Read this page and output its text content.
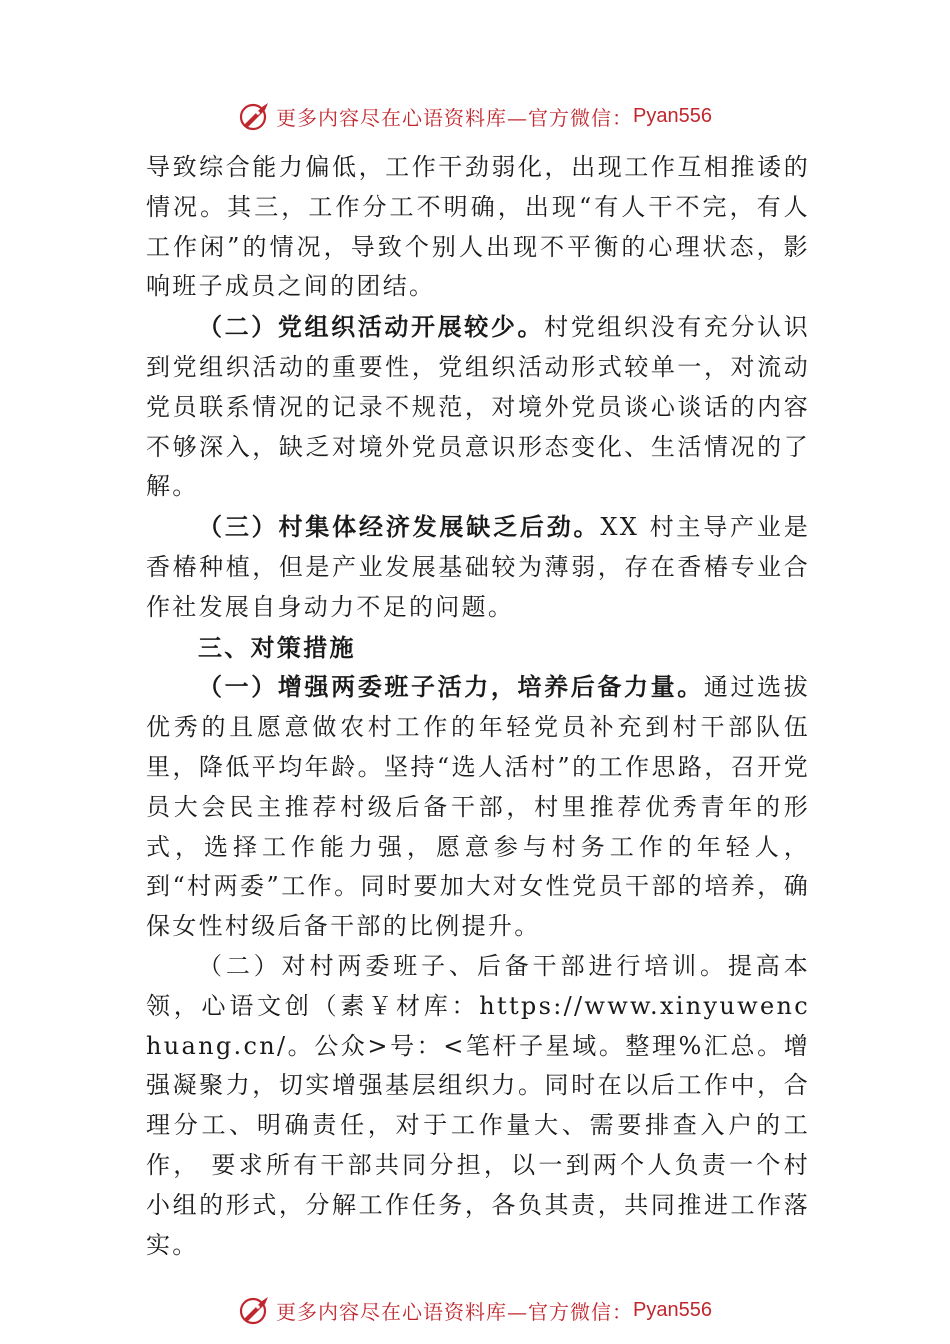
更多内容尽在心语资料库—官方微信： Pyan556

导致综合能力偏低，工作干劲弱化，出现工作互相推诿的情况。其三，工作分工不明确，出现“有人干不完，有人工作闲”的情况，导致个别人出现不平衡的心理状态，影响班子成员之间的团结。

（二）党组织活动开展较少。村党组织没有充分认识到党组织活动的重要性，党组织活动形式较单一，对流动党员联系情况的记录不规范，对境外党员谈心谈话的内容不够深入，缺乏对境外党员意识形态变化、生活情况的了解。

（三）村集体经济发展缺乏后劲。XX 村主导产业是香椿种植，但是产业发展基础较为薄弱，存在香椿专业合作社发展自身动力不足的问题。

三、对策措施

（一）增强两委班子活力，培养后备力量。通过选拔优秀的且愿意做农村工作的年轻党员补充到村干部队伍里，降低平均年龄。坚持“选人活村”的工作思路，召开党员大会民主推荐村级后备干部，村里推荐优秀青年的形式，选择工作能力强，愿意参与村务工作的年轻人，到“村两委”工作。同时要加大对女性党员干部的培养，确保女性村级后备干部的比例提升。

（二）对村两委班子、后备干部进行培训。提高本领，心语文创（素￥材库：https://www.xinyuwenchuang.cn/。公众>号：<笔杆子星域。整理%汇总。增强凝聚力，切实增强基层组织力。同时在以后工作中，合理分工、明确责任，对于工作量大、需要排查入户的工作， 要求所有干部共同分担，以一到两个人负责一个村小组的形式，分解工作任务，各负其责，共同推进工作落实。

更多内容尽在心语资料库—官方微信： Pyan556
